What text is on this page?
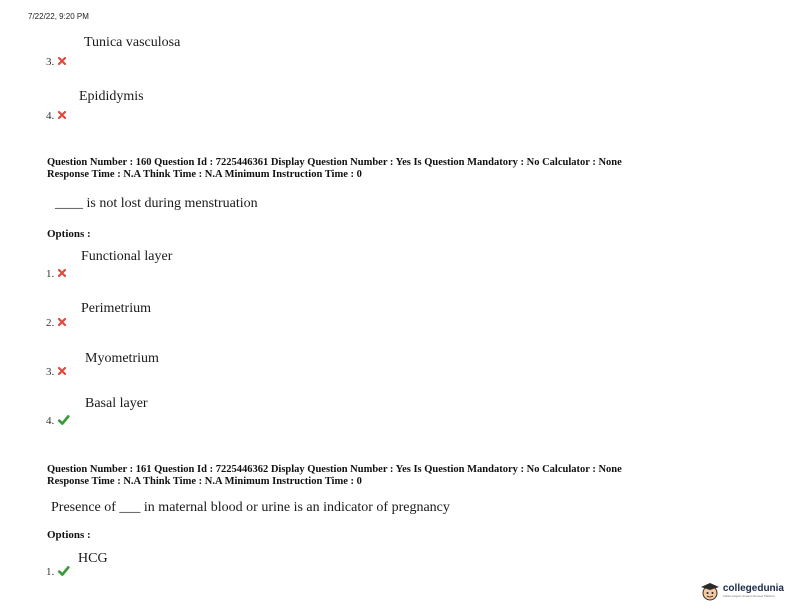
7/22/22, 9:20 PM
Tunica vasculosa
3.
Epididymis
4.
Question Number : 160 Question Id : 7225446361 Display Question Number : Yes Is Question Mandatory : No Calculator : None
Response Time : N.A Think Time : N.A Minimum Instruction Time : 0
____ is not lost during menstruation
Options :
Functional layer
1.
Perimetrium
2.
Myometrium
3.
Basal layer
4.
Question Number : 161 Question Id : 7225446362 Display Question Number : Yes Is Question Mandatory : No Calculator : None
Response Time : N.A Think Time : N.A Minimum Instruction Time : 0
Presence of ___ in maternal blood or urine is an indicator of pregnancy
Options :
HCG
1.
collegedunia
India's largest Student Review Platform
